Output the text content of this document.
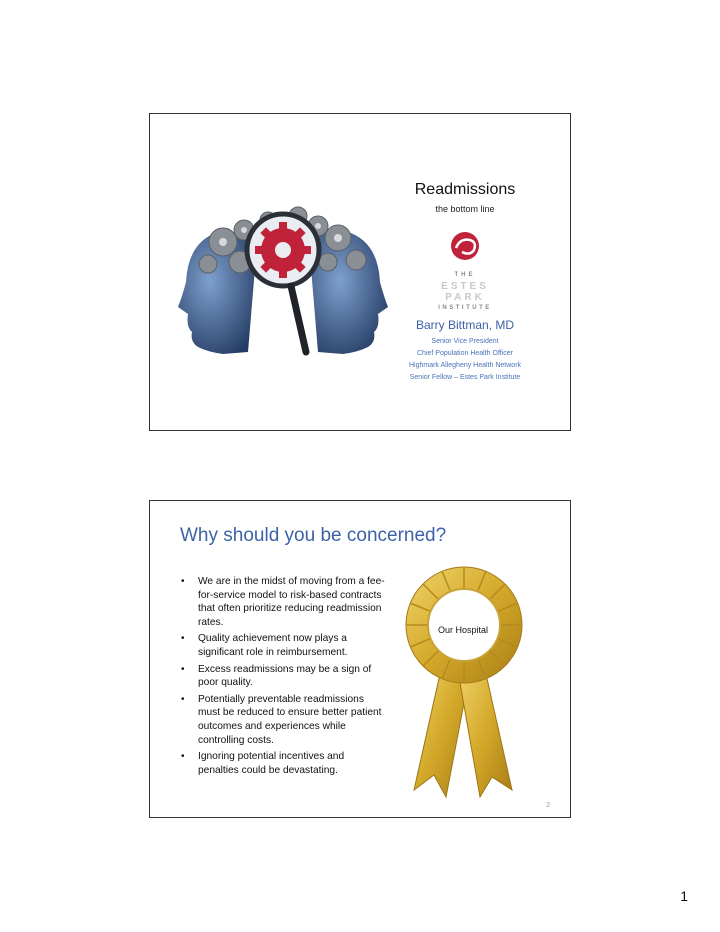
Readmissions
the bottom line
THE
ESTES
PARK
INSTITUTE
Barry Bittman, MD
Senior Vice President
Chief Population Health Officer
Highmark Allegheny Health Network
Senior Fellow – Estes Park Institute
Why should you be concerned?
• We are in the midst of moving from a fee-for-service model to risk-based contracts that often prioritize reducing readmission rates.
• Quality achievement now plays a significant role in reimbursement.
• Excess readmissions may be a sign of poor quality.
• Potentially preventable readmissions must be reduced to ensure better patient outcomes and experiences while controlling costs.
• Ignoring potential incentives and penalties could be devastating.
Our Hospital
2
1
